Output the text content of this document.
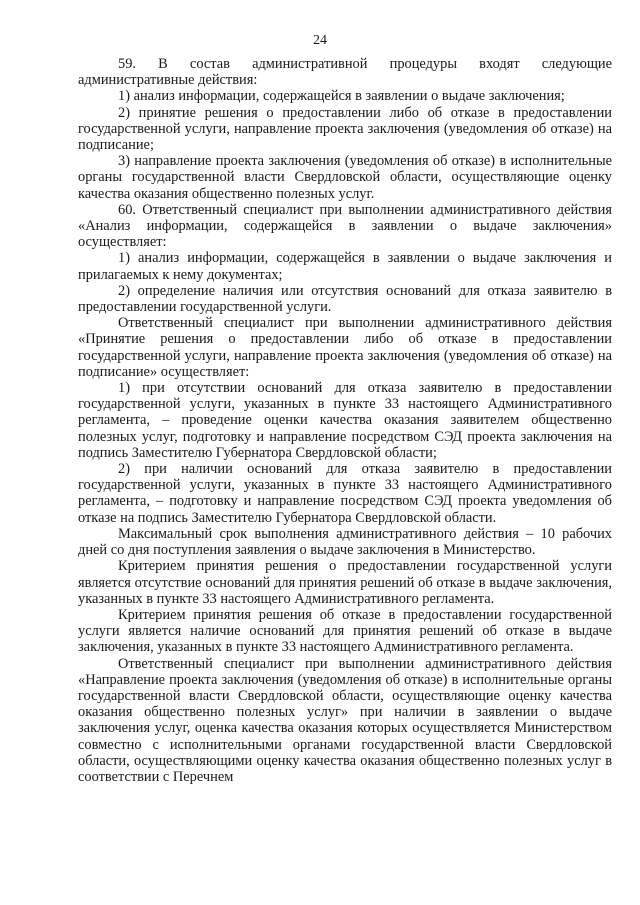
24

59. В состав административной процедуры входят следующие административные действия:

1) анализ информации, содержащейся в заявлении о выдаче заключения;

2) принятие решения о предоставлении либо об отказе в предоставлении государственной услуги, направление проекта заключения (уведомления об отказе) на подписание;

3) направление проекта заключения (уведомления об отказе) в исполнительные органы государственной власти Свердловской области, осуществляющие оценку качества оказания общественно полезных услуг.

60. Ответственный специалист при выполнении административного действия «Анализ информации, содержащейся в заявлении о выдаче заключения» осуществляет:

1) анализ информации, содержащейся в заявлении о выдаче заключения и прилагаемых к нему документах;

2) определение наличия или отсутствия оснований для отказа заявителю в предоставлении государственной услуги.

Ответственный специалист при выполнении административного действия «Принятие решения о предоставлении либо об отказе в предоставлении государственной услуги, направление проекта заключения (уведомления об отказе) на подписание» осуществляет:

1) при отсутствии оснований для отказа заявителю в предоставлении государственной услуги, указанных в пункте 33 настоящего Административного регламента, – проведение оценки качества оказания заявителем общественно полезных услуг, подготовку и направление посредством СЭД проекта заключения на подпись Заместителю Губернатора Свердловской области;

2) при наличии оснований для отказа заявителю в предоставлении государственной услуги, указанных в пункте 33 настоящего Административного регламента, – подготовку и направление посредством СЭД проекта уведомления об отказе на подпись Заместителю Губернатора Свердловской области.

Максимальный срок выполнения административного действия – 10 рабочих дней со дня поступления заявления о выдаче заключения в Министерство.

Критерием принятия решения о предоставлении государственной услуги является отсутствие оснований для принятия решений об отказе в выдаче заключения, указанных в пункте 33 настоящего Административного регламента.

Критерием принятия решения об отказе в предоставлении государственной услуги является наличие оснований для принятия решений об отказе в выдаче заключения, указанных в пункте 33 настоящего Административного регламента.

Ответственный специалист при выполнении административного действия «Направление проекта заключения (уведомления об отказе) в исполнительные органы государственной власти Свердловской области, осуществляющие оценку качества оказания общественно полезных услуг» при наличии в заявлении о выдаче заключения услуг, оценка качества оказания которых осуществляется Министерством совместно с исполнительными органами государственной власти Свердловской области, осуществляющими оценку качества оказания общественно полезных услуг в соответствии с Перечнем
